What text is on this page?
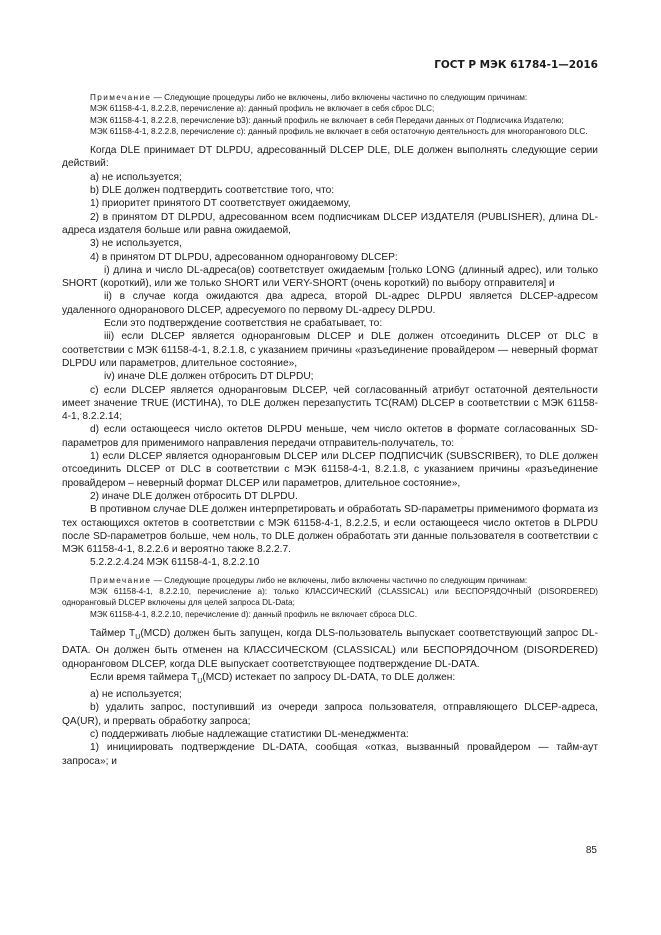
ГОСТ Р МЭК 61784-1—2016

Примечание — Следующие процедуры либо не включены, либо включены частично по следующим причинам:

МЭК 61158-4-1, 8.2.2.8, перечисление а): данный профиль не включает в себя сброс DLC;

МЭК 61158-4-1, 8.2.2.8, перечисление b3): данный профиль не включает в себя Передачи данных от Подписчика Издателю;

МЭК 61158-4-1, 8.2.2.8, перечисление с): данный профиль не включает в себя остаточную деятельность для многорангового DLC.

Когда DLE принимает DT DLPDU, адресованный DLCEP DLE, DLE должен выполнять следующие серии действий:

а) не используется;

b) DLE должен подтвердить соответствие того, что:

1) приоритет принятого DT соответствует ожидаемому,

2) в принятом DT DLPDU, адресованном всем подписчикам DLCEP ИЗДАТЕЛЯ (PUBLISHER), длина DL-адреса издателя больше или равна ожидаемой,

3) не используется,

4) в принятом DT DLPDU, адресованном одноранговому DLCEP:

i) длина и число DL-адреса(ов) соответствует ожидаемым [только LONG (длинный адрес), или только SHORT (короткий), или же только SHORT или VERY-SHORT (очень короткий) по выбору отправителя] и

ii) в случае когда ожидаются два адреса, второй DL-адрес DLPDU является DLCEP-адресом удаленного одноранового DLCEP, адресуемого по первому DL-адресу DLPDU.

Если это подтверждение соответствия не срабатывает, то:

iii) если DLCEP является одноранговым DLCEP и DLE должен отсоединить DLCEP от DLC в соответствии с МЭК 61158-4-1, 8.2.1.8, с указанием причины «разъединение провайдером — неверный формат DLPDU или параметров, длительное состояние»,

iv) иначе DLE должен отбросить DT DLPDU;

с) если DLCEP является одноранговым DLCEP, чей согласованный атрибут остаточной деятельности имеет значение TRUE (ИСТИНА), то DLE должен перезапустить TC(RAM) DLCEP в соответствии с МЭК 61158-4-1, 8.2.2.14;

d) если остающееся число октетов DLPDU меньше, чем число октетов в формате согласованных SD-параметров для применимого направления передачи отправитель-получатель, то:

1) если DLCEP является одноранговым DLCEP или DLCEP ПОДПИСЧИК (SUBSCRIBER), то DLE должен отсоединить DLCEP от DLC в соответствии с МЭК 61158-4-1, 8.2.1.8, с указанием причины «разъединение провайдером – неверный формат DLCEP или параметров, длительное состояние»,

2) иначе DLE должен отбросить DT DLPDU.

В противном случае DLE должен интерпретировать и обработать SD-параметры применимого формата из тех остающихся октетов в соответствии с МЭК 61158-4-1, 8.2.2.5, и если остающееся число октетов в DLPDU после SD-параметров больше, чем ноль, то DLE должен обработать эти данные пользователя в соответствии с МЭК 61158-4-1, 8.2.2.6 и вероятно также 8.2.2.7.

5.2.2.2.4.24 МЭК 61158-4-1, 8.2.2.10

Примечание — Следующие процедуры либо не включены, либо включены частично по следующим причинам:

МЭК 61158-4-1, 8.2.2.10, перечисление а): только КЛАССИЧЕСКИЙ (CLASSICAL) или БЕСПОРЯДОЧНЫЙ (DISORDERED) одноранговый DLCEP включены для целей запроса DL-Data;

МЭК 61158-4-1, 8.2.2.10, перечисление d): данный профиль не включает сброса DLC.

Таймер $T_U(MCD)$ должен быть запущен, когда DLS-пользователь выпускает соответствующий запрос DL-DATA. Он должен быть отменен на КЛАССИЧЕСКОМ (CLASSICAL) или БЕСПОРЯДОЧНОМ (DISORDERED) одноранговом DLCEP, когда DLE выпускает соответствующее подтверждение DL-DATA.

Если время таймера $T_U(MCD)$ истекает по запросу DL-DATA, то DLE должен:

а) не используется;

b) удалить запрос, поступивший из очереди запроса пользователя, отправляющего DLCEP-адреса, QA(UR), и прервать обработку запроса;

с) поддерживать любые надлежащие статистики DL-менеджмента:

1) инициировать подтверждение DL-DATA, сообщая «отказ, вызванный провайдером — тайм-аут запроса»; и

85
